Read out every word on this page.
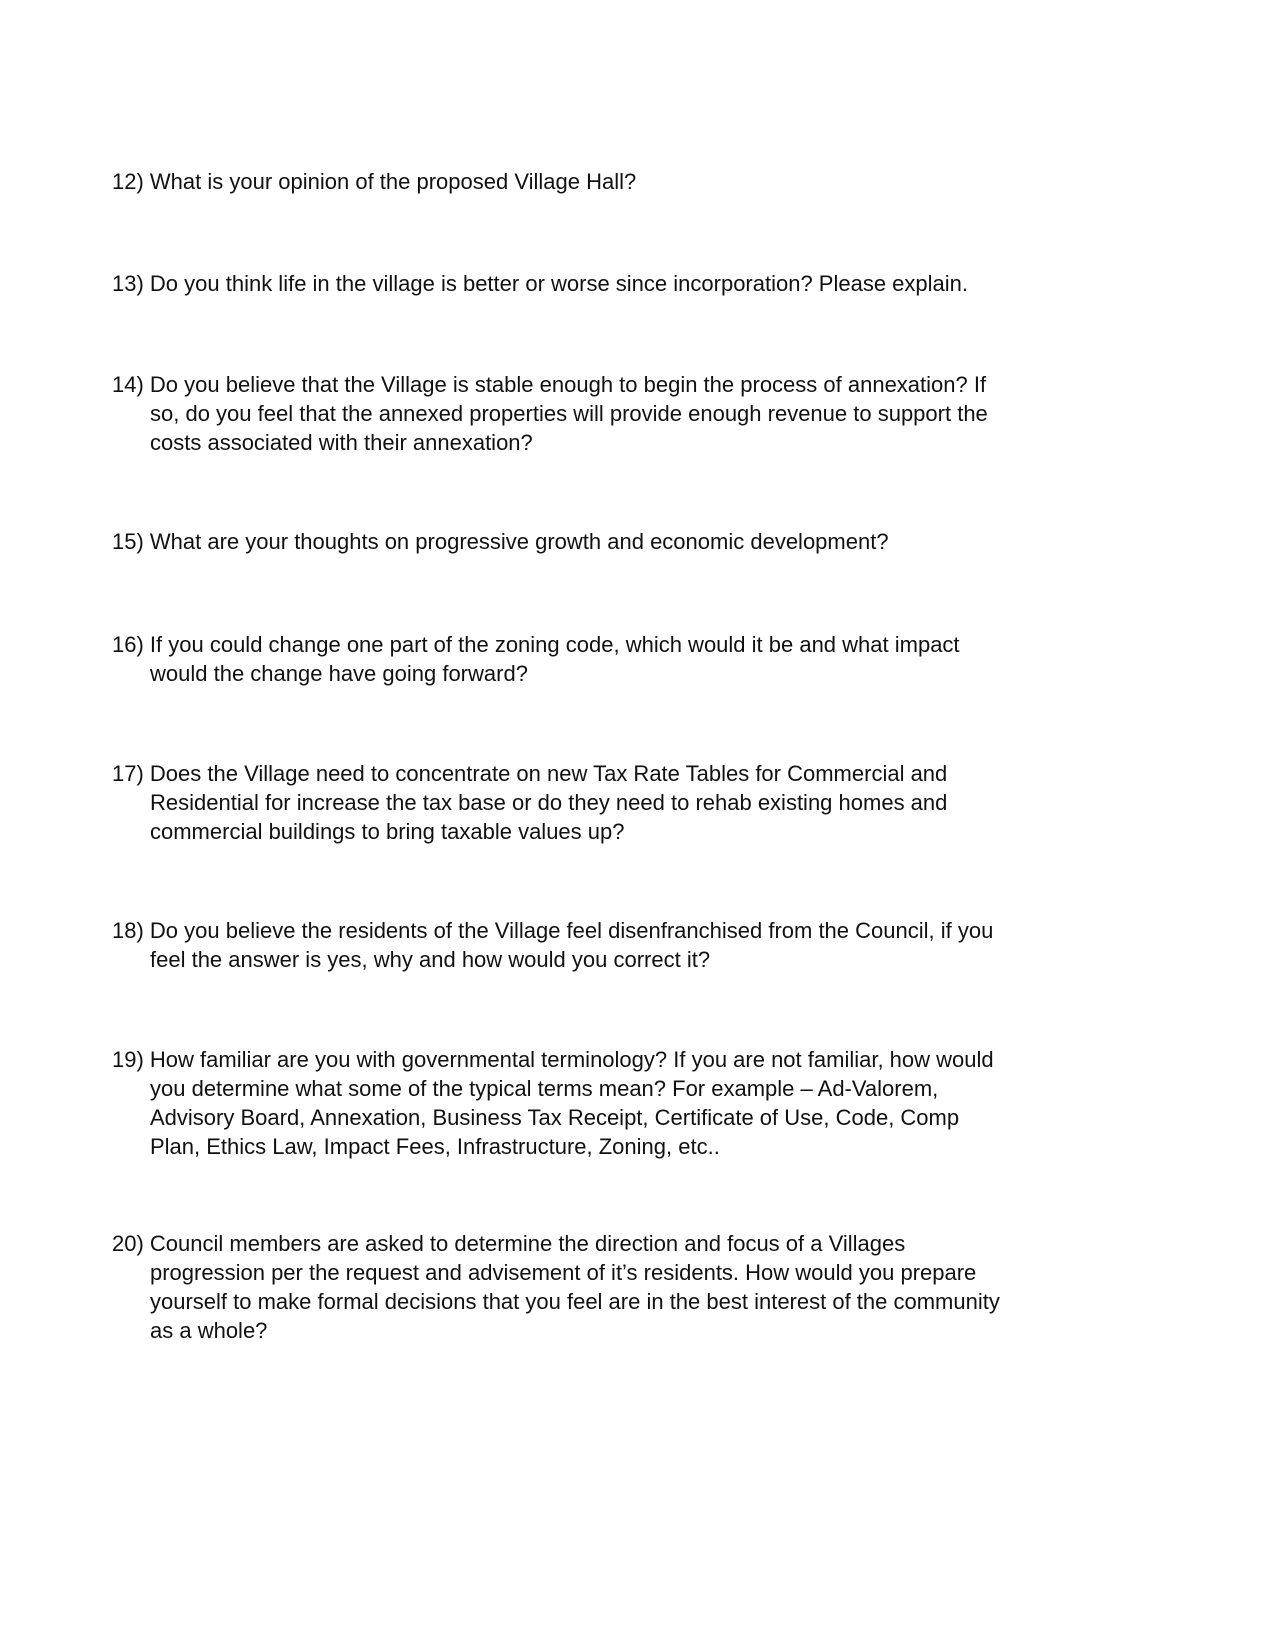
12) What is your opinion of the proposed Village Hall?
13) Do you think life in the village is better or worse since incorporation? Please explain.
14) Do you believe that the Village is stable enough to begin the process of annexation? If
so, do you feel that the annexed properties will provide enough revenue to support the
costs associated with their annexation?
15) What are your thoughts on progressive growth and economic development?
16) If you could change one part of the zoning code, which would it be and what impact
would the change have going forward?
17) Does the Village need to concentrate on new Tax Rate Tables for Commercial and
Residential for increase the tax base or do they need to rehab existing homes and
commercial buildings to bring taxable values up?
18) Do you believe the residents of the Village feel disenfranchised from the Council, if you
feel the answer is yes, why and how would you correct it?
19) How familiar are you with governmental terminology? If you are not familiar, how would
you determine what some of the typical terms mean? For example – Ad-Valorem,
Advisory Board, Annexation, Business Tax Receipt, Certificate of Use, Code, Comp
Plan, Ethics Law, Impact Fees, Infrastructure, Zoning, etc..
20) Council members are asked to determine the direction and focus of a Villages
progression per the request and advisement of it’s residents. How would you prepare
yourself to make formal decisions that you feel are in the best interest of the community
as a whole?
